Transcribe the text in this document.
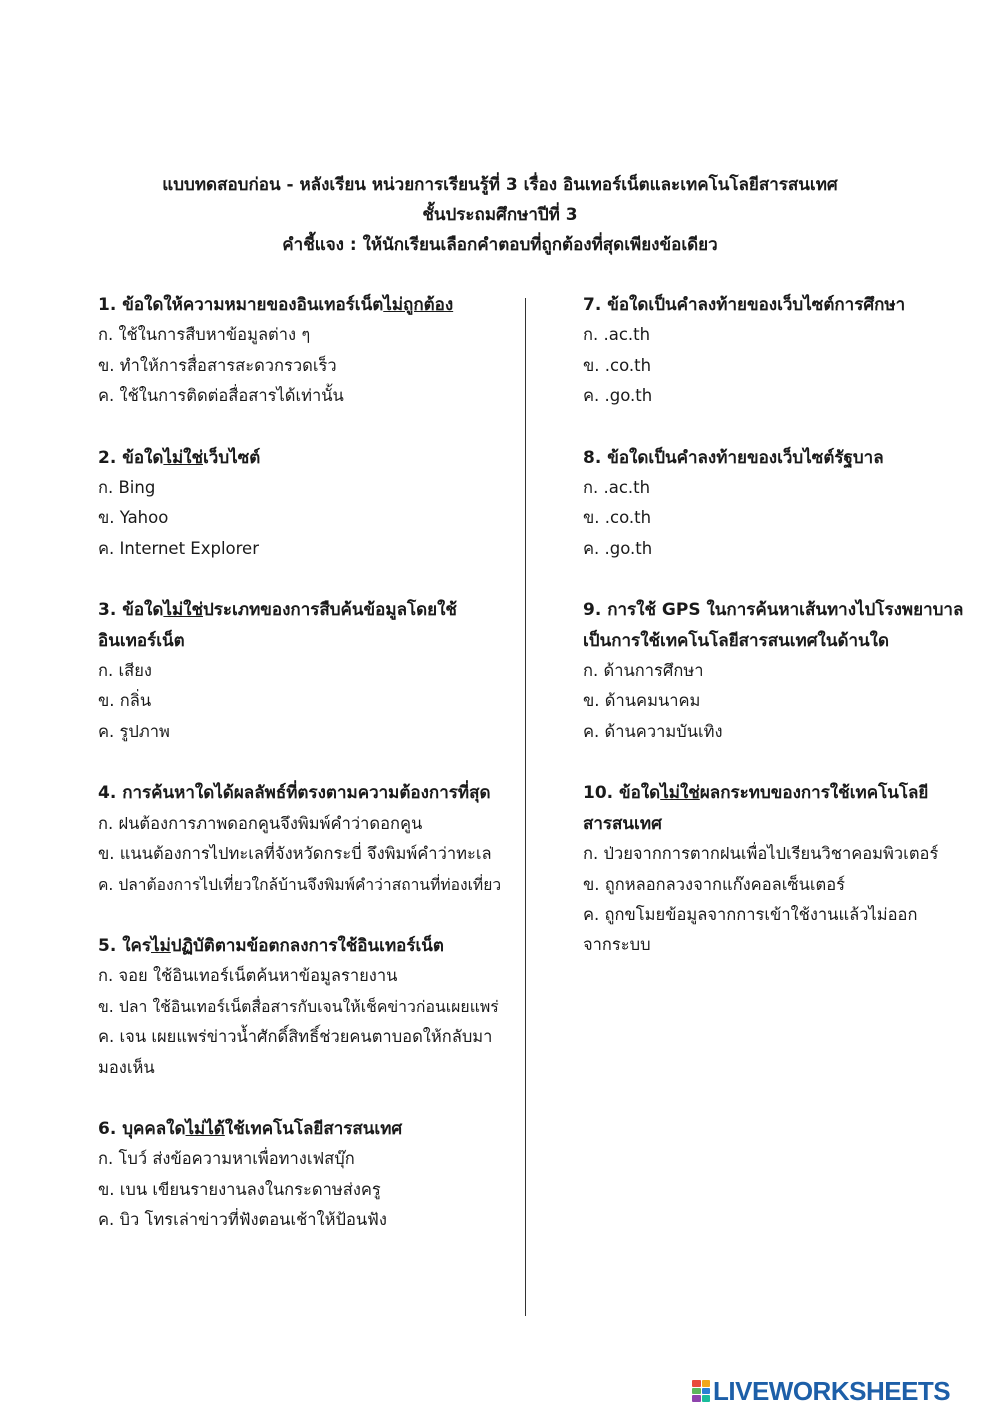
แบบทดสอบก่อน - หลังเรียน หน่วยการเรียนรู้ที่ 3 เรื่อง อินเทอร์เน็ตและเทคโนโลยีสารสนเทศ
ชั้นประถมศึกษาปีที่ 3
คำชี้แจง : ให้นักเรียนเลือกคำตอบที่ถูกต้องที่สุดเพียงข้อเดียว
1. ข้อใดให้ความหมายของอินเทอร์เน็ตไม่ถูกต้อง
ก. ใช้ในการสืบหาข้อมูลต่าง ๆ
ข. ทำให้การสื่อสารสะดวกรวดเร็ว
ค. ใช้ในการติดต่อสื่อสารได้เท่านั้น
2. ข้อใดไม่ใช่เว็บไซต์
ก. Bing
ข. Yahoo
ค. Internet Explorer
3. ข้อใดไม่ใช่ประเภทของการสืบค้นข้อมูลโดยใช้
อินเทอร์เน็ต
ก. เสียง
ข. กลิ่น
ค. รูปภาพ
4. การค้นหาใดได้ผลลัพธ์ที่ตรงตามความต้องการที่สุด
ก. ฝนต้องการภาพดอกคูนจึงพิมพ์คำว่าดอกคูน
ข. แนนต้องการไปทะเลที่จังหวัดกระบี่ จึงพิมพ์คำว่าทะเล
ค. ปลาต้องการไปเที่ยวใกล้บ้านจึงพิมพ์คำว่าสถานที่ท่องเที่ยว
5. ใครไม่ปฏิบัติตามข้อตกลงการใช้อินเทอร์เน็ต
ก. จอย ใช้อินเทอร์เน็ตค้นหาข้อมูลรายงาน
ข. ปลา ใช้อินเทอร์เน็ตสื่อสารกับเจนให้เช็คข่าวก่อนเผยแพร่
ค. เจน เผยแพร่ข่าวน้ำศักดิ์สิทธิ์ช่วยคนตาบอดให้กลับมามองเห็น
6. บุคคลใดไม่ได้ใช้เทคโนโลยีสารสนเทศ
ก. โบว์ ส่งข้อความหาเพื่อทางเฟสบุ๊ก
ข. เบน เขียนรายงานลงในกระดาษส่งครู
ค. บิว โทรเล่าข่าวที่ฟังตอนเช้าให้ป้อนฟัง
7. ข้อใดเป็นคำลงท้ายของเว็บไซต์การศึกษา
ก. .ac.th
ข. .co.th
ค. .go.th
8. ข้อใดเป็นคำลงท้ายของเว็บไซต์รัฐบาล
ก. .ac.th
ข. .co.th
ค. .go.th
9. การใช้ GPS ในการค้นหาเส้นทางไปโรงพยาบาล
เป็นการใช้เทคโนโลยีสารสนเทศในด้านใด
ก. ด้านการศึกษา
ข. ด้านคมนาคม
ค. ด้านความบันเทิง
10. ข้อใดไม่ใช่ผลกระทบของการใช้เทคโนโลยี
สารสนเทศ
ก. ป่วยจากการตากฝนเพื่อไปเรียนวิชาคอมพิวเตอร์
ข. ถูกหลอกลวงจากแก๊งคอลเซ็นเตอร์
ค. ถูกขโมยข้อมูลจากการเข้าใช้งานแล้วไม่ออกจากระบบ
LIVEWORKSHEETS
